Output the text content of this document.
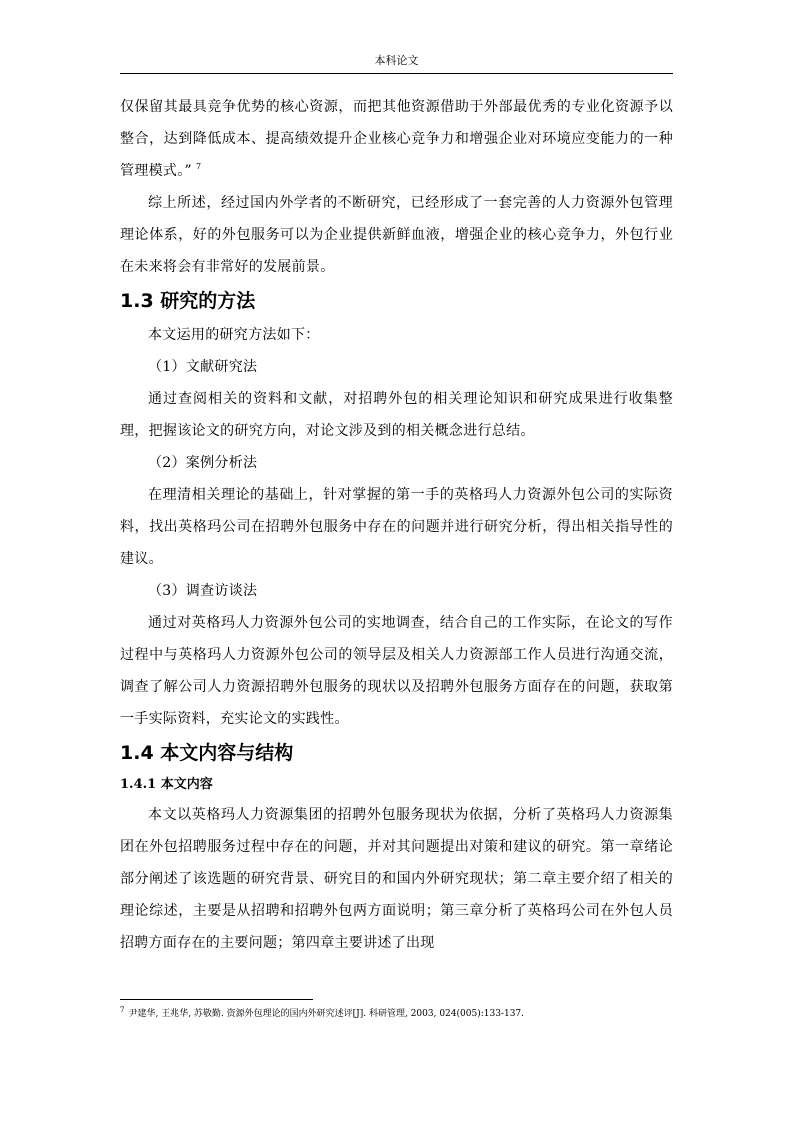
本科论文

仅保留其最具竞争优势的核心资源，而把其他资源借助于外部最优秀的专业化资源予以整合，达到降低成本、提高绩效提升企业核心竞争力和增强企业对环境应变能力的一种管理模式。” $^7$

综上所述，经过国内外学者的不断研究，已经形成了一套完善的人力资源外包管理理论体系，好的外包服务可以为企业提供新鲜血液，增强企业的核心竞争力，外包行业在未来将会有非常好的发展前景。

1.3 研究的方法

本文运用的研究方法如下：

（1）文献研究法

通过查阅相关的资料和文献，对招聘外包的相关理论知识和研究成果进行收集整理，把握该论文的研究方向，对论文涉及到的相关概念进行总结。

（2）案例分析法

在理清相关理论的基础上，针对掌握的第一手的英格玛人力资源外包公司的实际资料，找出英格玛公司在招聘外包服务中存在的问题并进行研究分析，得出相关指导性的建议。

（3）调查访谈法

通过对英格玛人力资源外包公司的实地调查，结合自己的工作实际，在论文的写作过程中与英格玛人力资源外包公司的领导层及相关人力资源部工作人员进行沟通交流，调查了解公司人力资源招聘外包服务的现状以及招聘外包服务方面存在的问题，获取第一手实际资料，充实论文的实践性。

1.4 本文内容与结构
1.4.1 本文内容

本文以英格玛人力资源集团的招聘外包服务现状为依据，分析了英格玛人力资源集团在外包招聘服务过程中存在的问题，并对其问题提出对策和建议的研究。第一章绪论部分阐述了该选题的研究背景、研究目的和国内外研究现状；第二章主要介绍了相关的理论综述，主要是从招聘和招聘外包两方面说明；第三章分析了英格玛公司在外包人员招聘方面存在的主要问题；第四章主要讲述了出现

$^7$ 尹建华, 王兆华, 苏敬勤. 资源外包理论的国内外研究述评[J]. 科研管理, 2003, 024(005):133-137.
